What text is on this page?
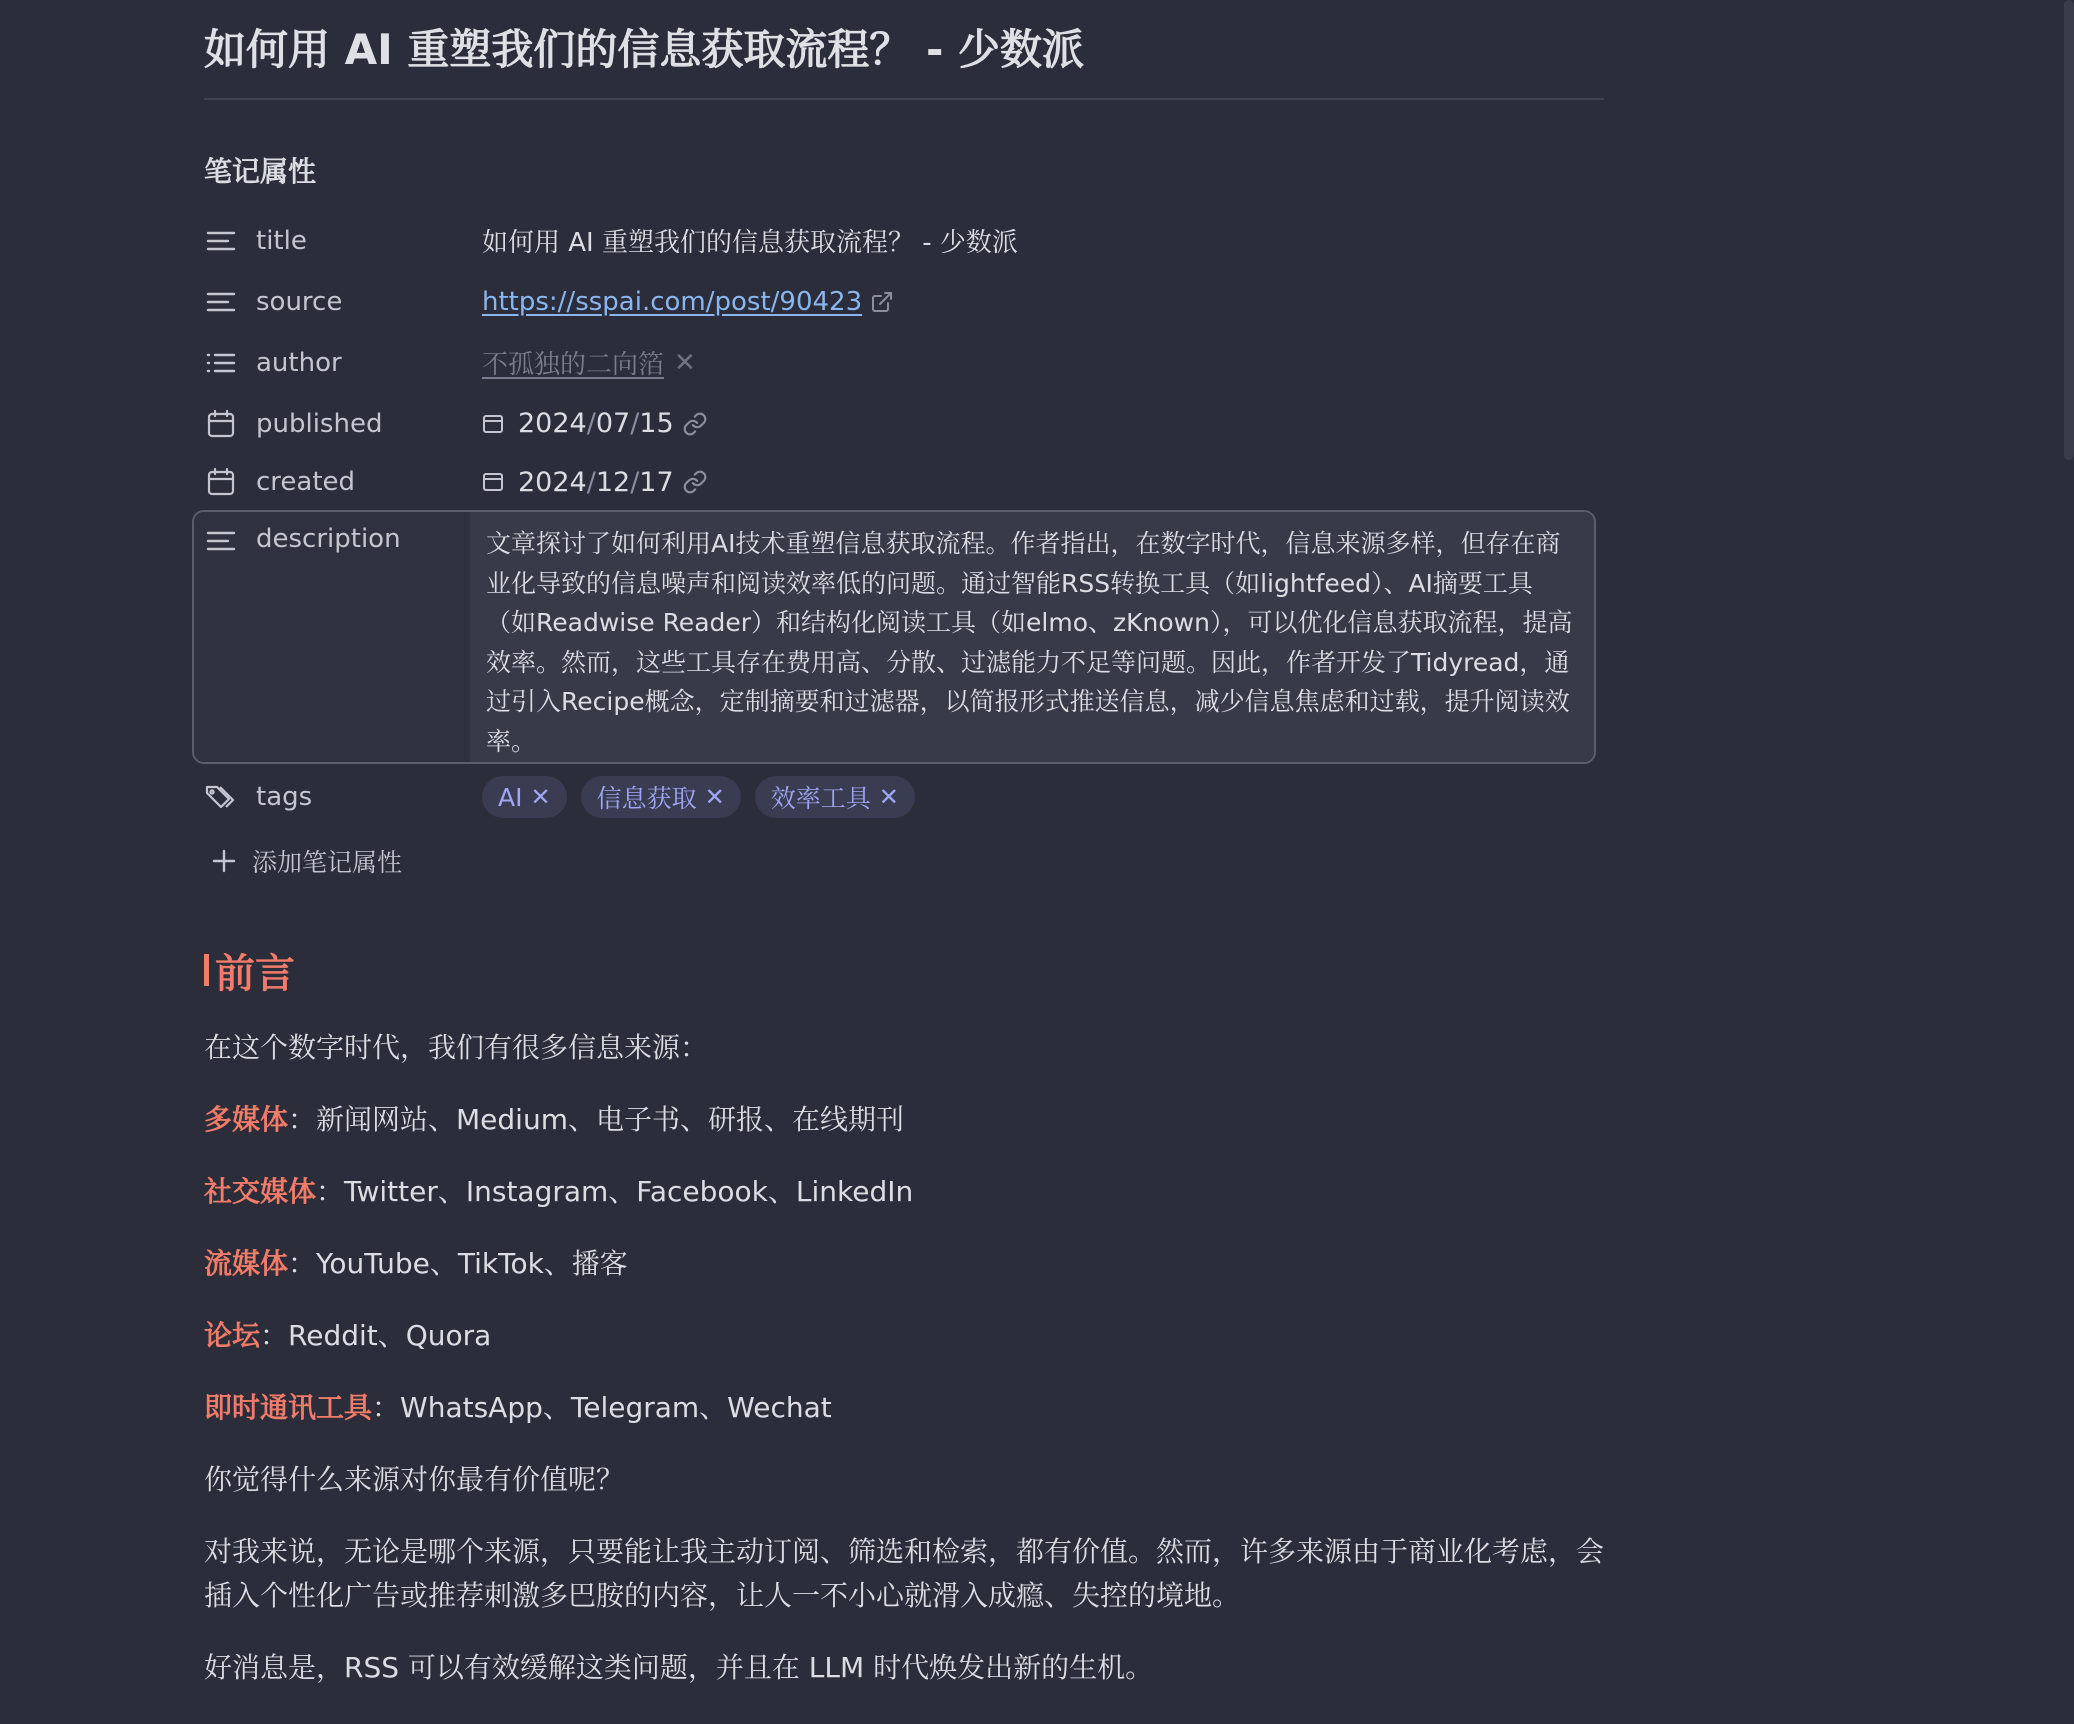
如何用 AI 重塑我们的信息获取流程？ - 少数派
笔记属性
title	如何用 AI 重塑我们的信息获取流程？ - 少数派
source	https://sspai.com/post/90423
author	不孤独的二向箔 ✕
published	2024 / 07 / 15
created	2024 / 12 / 17
description	文章探讨了如何利用AI技术重塑信息获取流程。作者指出，在数字时代，信息来源多样，但存在商业化导致的信息噪声和阅读效率低的问题。通过智能RSS转换工具（如lightfeed）、AI摘要工具（如Readwise Reader）和结构化阅读工具（如elmo、zKnown），可以优化信息获取流程，提高效率。然而，这些工具存在费用高、分散、过滤能力不足等问题。因此，作者开发了Tidyread，通过引入Recipe概念，定制摘要和过滤器，以简报形式推送信息，减少信息焦虑和过载，提升阅读效率。
tags	AI ✕ 信息获取 ✕ 效率工具 ✕
添加笔记属性
前言
在这个数字时代，我们有很多信息来源：
多媒体：新闻网站、Medium、电子书、研报、在线期刊
社交媒体：Twitter、Instagram、Facebook、LinkedIn
流媒体：YouTube、TikTok、播客
论坛：Reddit、Quora
即时通讯工具：WhatsApp、Telegram、Wechat
你觉得什么来源对你最有价值呢？
对我来说，无论是哪个来源，只要能让我主动订阅、筛选和检索，都有价值。然而，许多来源由于商业化考虑，会插入个性化广告或推荐刺激多巴胺的内容，让人一不小心就滑入成瘾、失控的境地。
好消息是，RSS 可以有效缓解这类问题，并且在 LLM 时代焕发出新的生机。
